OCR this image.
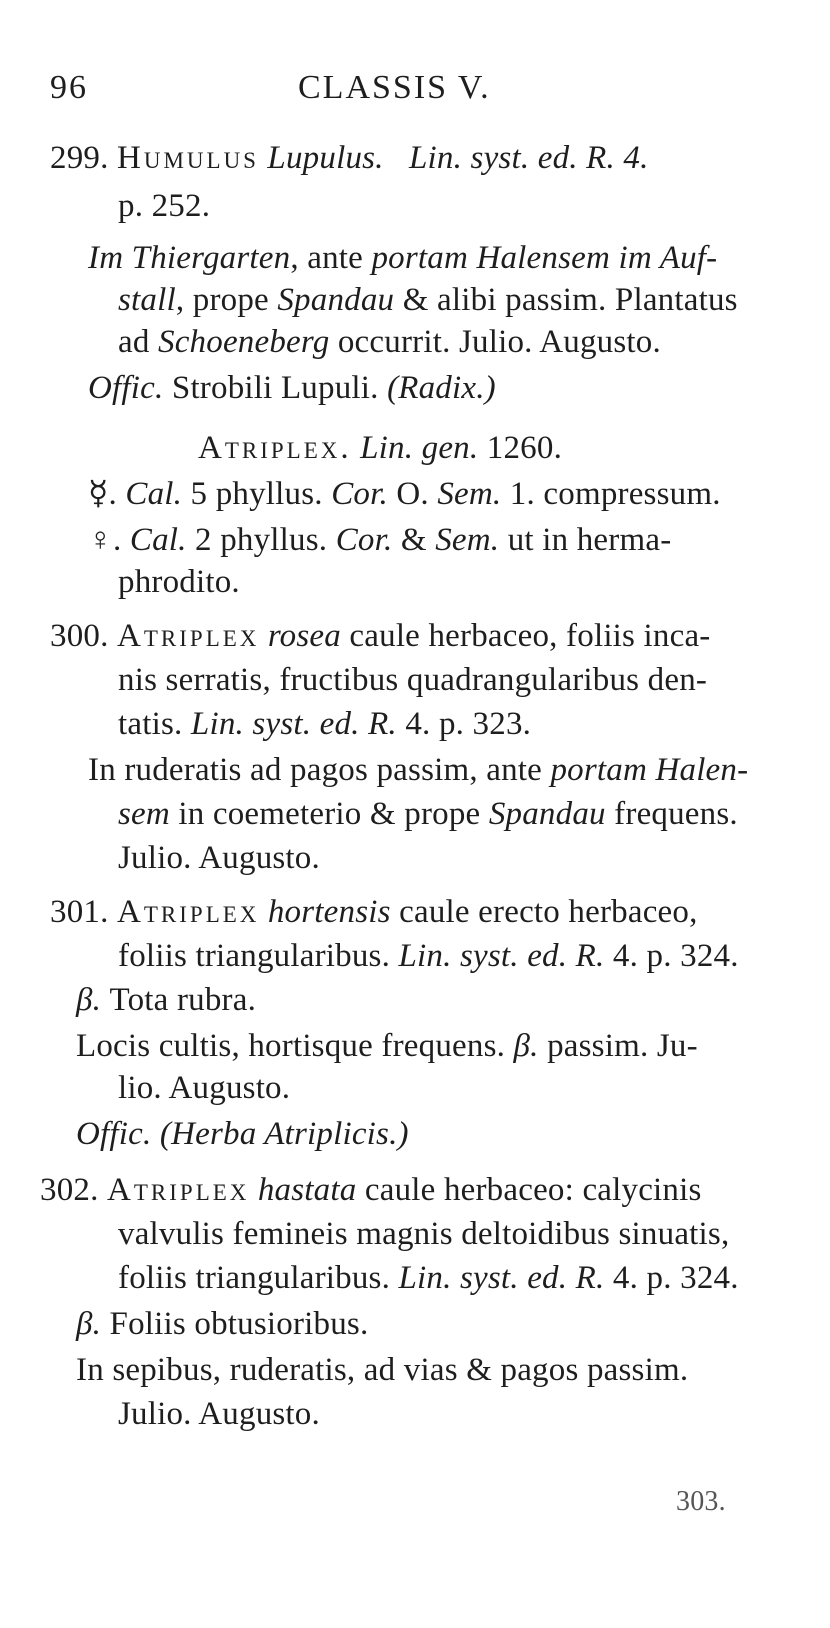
96	CLASSIS V.
299. Humulus Lupulus. Lin. syst. ed. R. 4.
p. 252.
Im Thiergarten, ante portam Halensem im Auf-
stall, prope Spandau & alibi passim. Plantatus
ad Schoeneberg occurrit. Julio. Augusto.
Offic. Strobili Lupuli. (Radix.)
Atriplex. Lin. gen. 1260.
☿. Cal. 5 phyllus. Cor. O. Sem. 1. compressum.
♀. Cal. 2 phyllus. Cor. & Sem. ut in herma-
phrodito.
300. Atriplex rosea caule herbaceo, foliis inca-
nis serratis, fructibus quadrangularibus den-
tatis. Lin. syst. ed. R. 4. p. 323.
In ruderatis ad pagos passim, ante portam Halen-
sem in coemeterio & prope Spandau frequens.
Julio. Augusto.
301. Atriplex hortensis caule erecto herbaceo,
foliis triangularibus. Lin. syst. ed. R. 4. p. 324.
β. Tota rubra.
Locis cultis, hortisque frequens. β. passim. Ju-
lio. Augusto.
Offic. (Herba Atriplicis.)
302. Atriplex hastata caule herbaceo: calycinis
valvulis femineis magnis deltoidibus sinuatis,
foliis triangularibus. Lin. syst. ed. R. 4. p. 324.
β. Foliis obtusioribus.
In sepibus, ruderatis, ad vias & pagos passim.
Julio. Augusto.
303.
